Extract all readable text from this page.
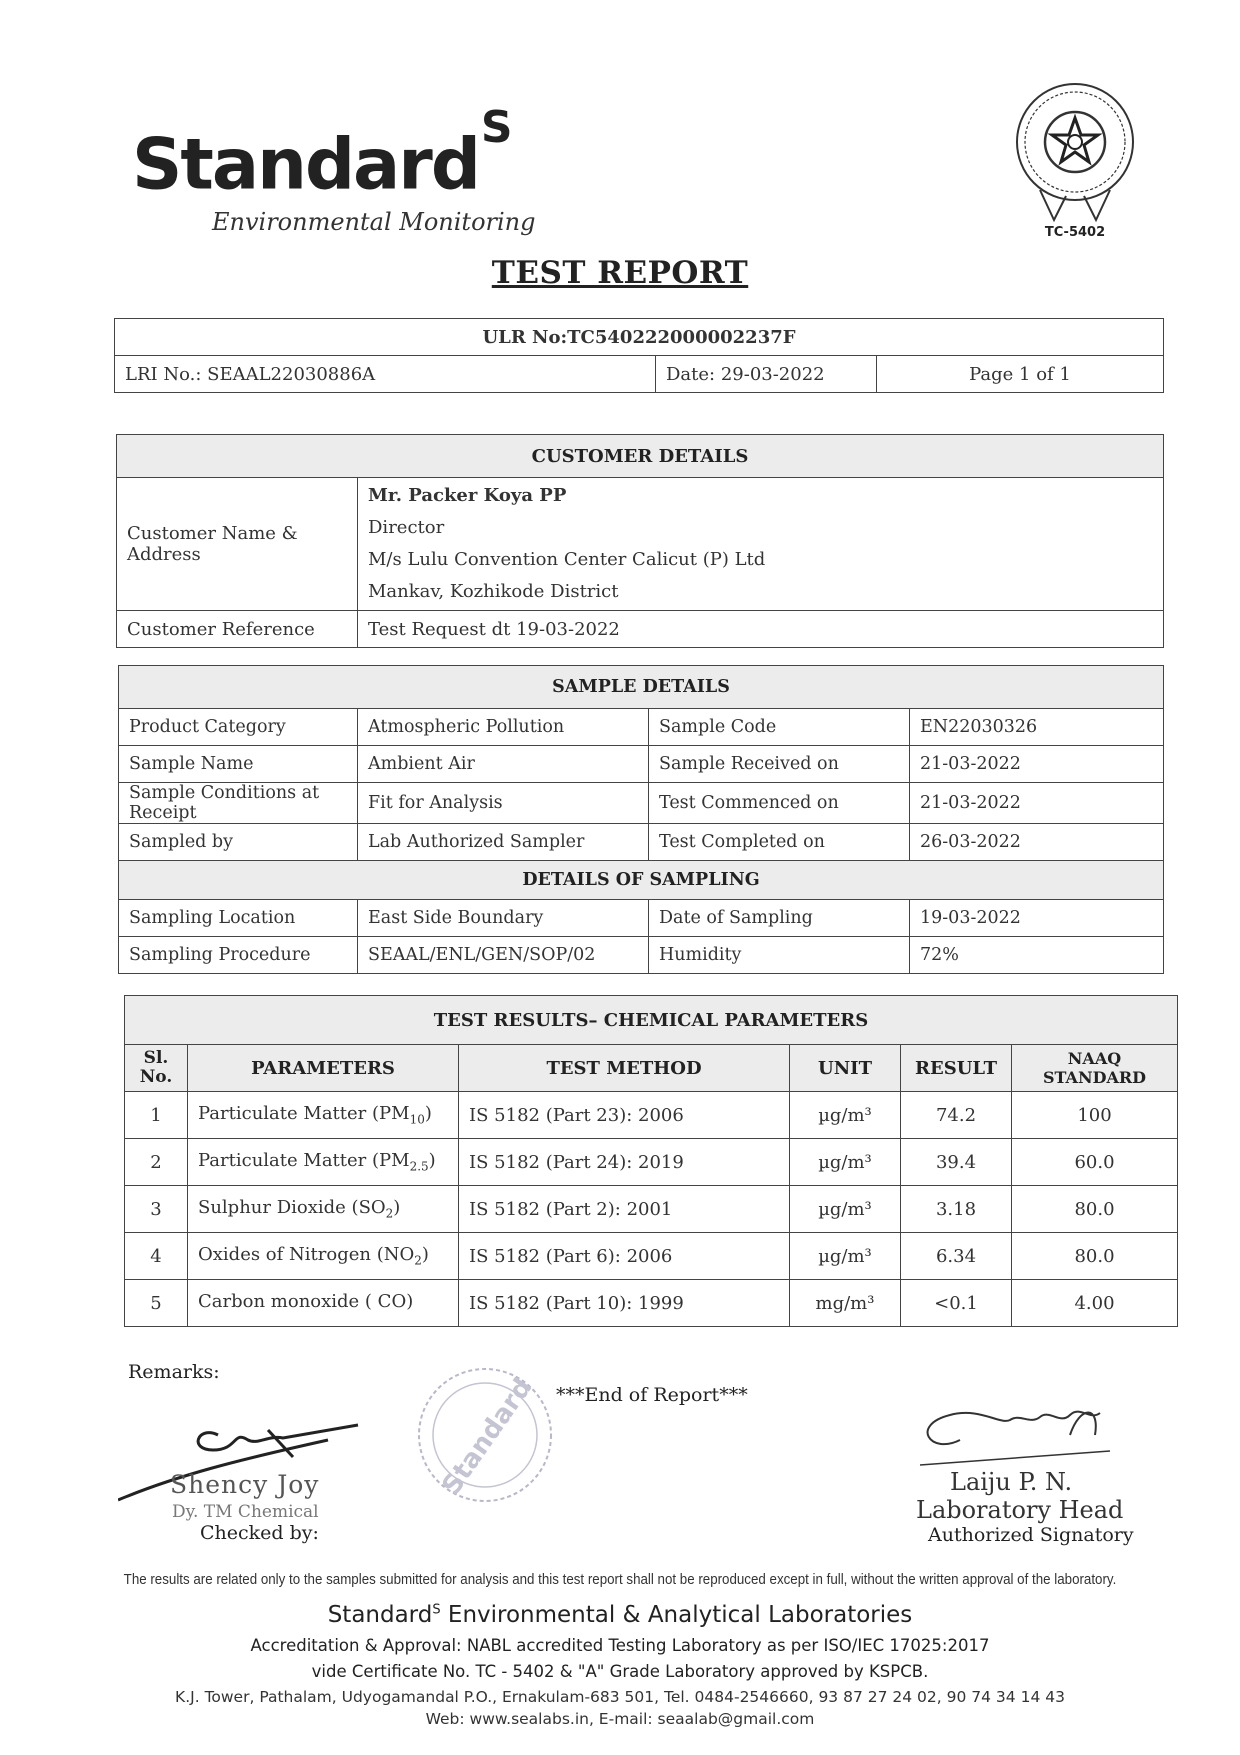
Standard$^S$
Environmental Monitoring	TC-5402
TEST REPORT
ULR No:TC540222000002237F
LRI No.: SEAAL22030886A	Date: 29-03-2022	Page 1 of 1
CUSTOMER DETAILS	
Customer Name & Address	Mr. Packer Koya PP
Director
M/s Lulu Convention Center Calicut (P) Ltd
Mankav, Kozhikode District

Customer Reference	Test Request dt 19-03-2022
SAMPLE DETAILS			
Product Category	Atmospheric Pollution	Sample Code	EN22030326
Sample Name	Ambient Air	Sample Received on	21-03-2022
Sample Conditions at Receipt	Fit for Analysis	Test Commenced on	21-03-2022
Sampled by	Lab Authorized Sampler	Test Completed on	26-03-2022
DETAILS OF SAMPLING			
Sampling Location	East Side Boundary	Date of Sampling	19-03-2022
Sampling Procedure	SEAAL/ENL/GEN/SOP/02	Humidity	72%
TEST RESULTS– CHEMICAL PARAMETERS					
Sl. No.	PARAMETERS	TEST METHOD	UNIT	RESULT	NAAQ STANDARD
1	Particulate Matter $(PM_{10})$	IS 5182 (Part 23): 2006	µg/m³	74.2	100
2	Particulate Matter $(PM_{2.5})$	IS 5182 (Part 24): 2019	µg/m³	39.4	60.0
3	Sulphur Dioxide $(SO_2)$	IS 5182 (Part 2): 2001	µg/m³	3.18	80.0
4	Oxides of Nitrogen $(NO_2)$	IS 5182 (Part 6): 2006	µg/m³	6.34	80.0
5	Carbon monoxide ( CO)	IS 5182 (Part 10): 1999	mg/m³	<0.1	4.00
Remarks:
***End of Report***
Standard
Shency Joy
Dy. TM Chemical
Checked by:
Laiju P. N.
Laboratory Head
Authorized Signatory
The results are related only to the samples submitted for analysis and this test report shall not be reproduced except in full, without the written approval of the laboratory.
Standard$^S$ Environmental & Analytical Laboratories
Accreditation & Approval: NABL accredited Testing Laboratory as per ISO/IEC 17025:2017
vide Certificate No. TC - 5402 & "A" Grade Laboratory approved by KSPCB.
K.J. Tower, Pathalam, Udyogamandal P.O., Ernakulam-683 501, Tel. 0484-2546660, 93 87 27 24 02, 90 74 34 14 43
Web: www.sealabs.in, E-mail: seaalab@gmail.com
